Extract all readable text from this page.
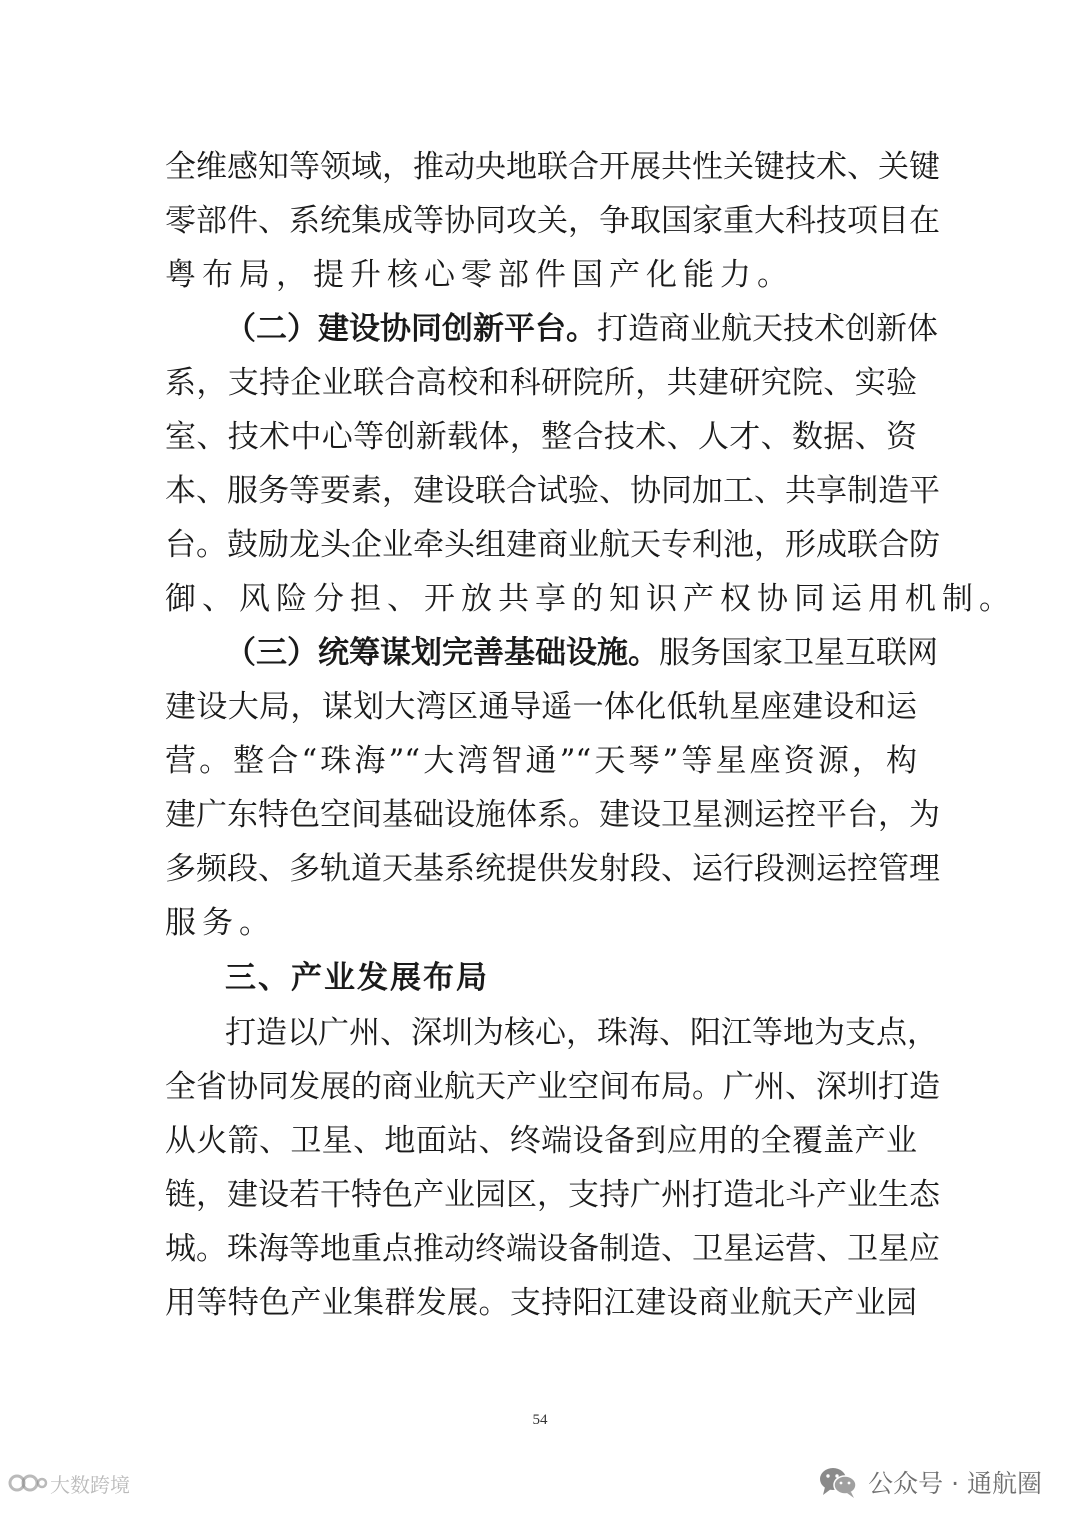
全维感知等领域，推动央地联合开展共性关键技术、关键
零部件、系统集成等协同攻关，争取国家重大科技项目在
粤布局，提升核心零部件国产化能力。
（二）建设协同创新平台。打造商业航天技术创新体
系，支持企业联合高校和科研院所，共建研究院、实验
室、技术中心等创新载体，整合技术、人才、数据、资
本、服务等要素，建设联合试验、协同加工、共享制造平
台。鼓励龙头企业牵头组建商业航天专利池，形成联合防
御、风险分担、开放共享的知识产权协同运用机制。
（三）统筹谋划完善基础设施。服务国家卫星互联网
建设大局，谋划大湾区通导遥一体化低轨星座建设和运
营。整合“珠海”“大湾智通”“天琴”等星座资源，构
建广东特色空间基础设施体系。建设卫星测运控平台，为
多频段、多轨道天基系统提供发射段、运行段测运控管理
服务。
三、产业发展布局
打造以广州、深圳为核心，珠海、阳江等地为支点，
全省协同发展的商业航天产业空间布局。广州、深圳打造
从火箭、卫星、地面站、终端设备到应用的全覆盖产业
链，建设若干特色产业园区，支持广州打造北斗产业生态
城。珠海等地重点推动终端设备制造、卫星运营、卫星应
用等特色产业集群发展。支持阳江建设商业航天产业园
54
大数跨境	公众号 · 通航圈
